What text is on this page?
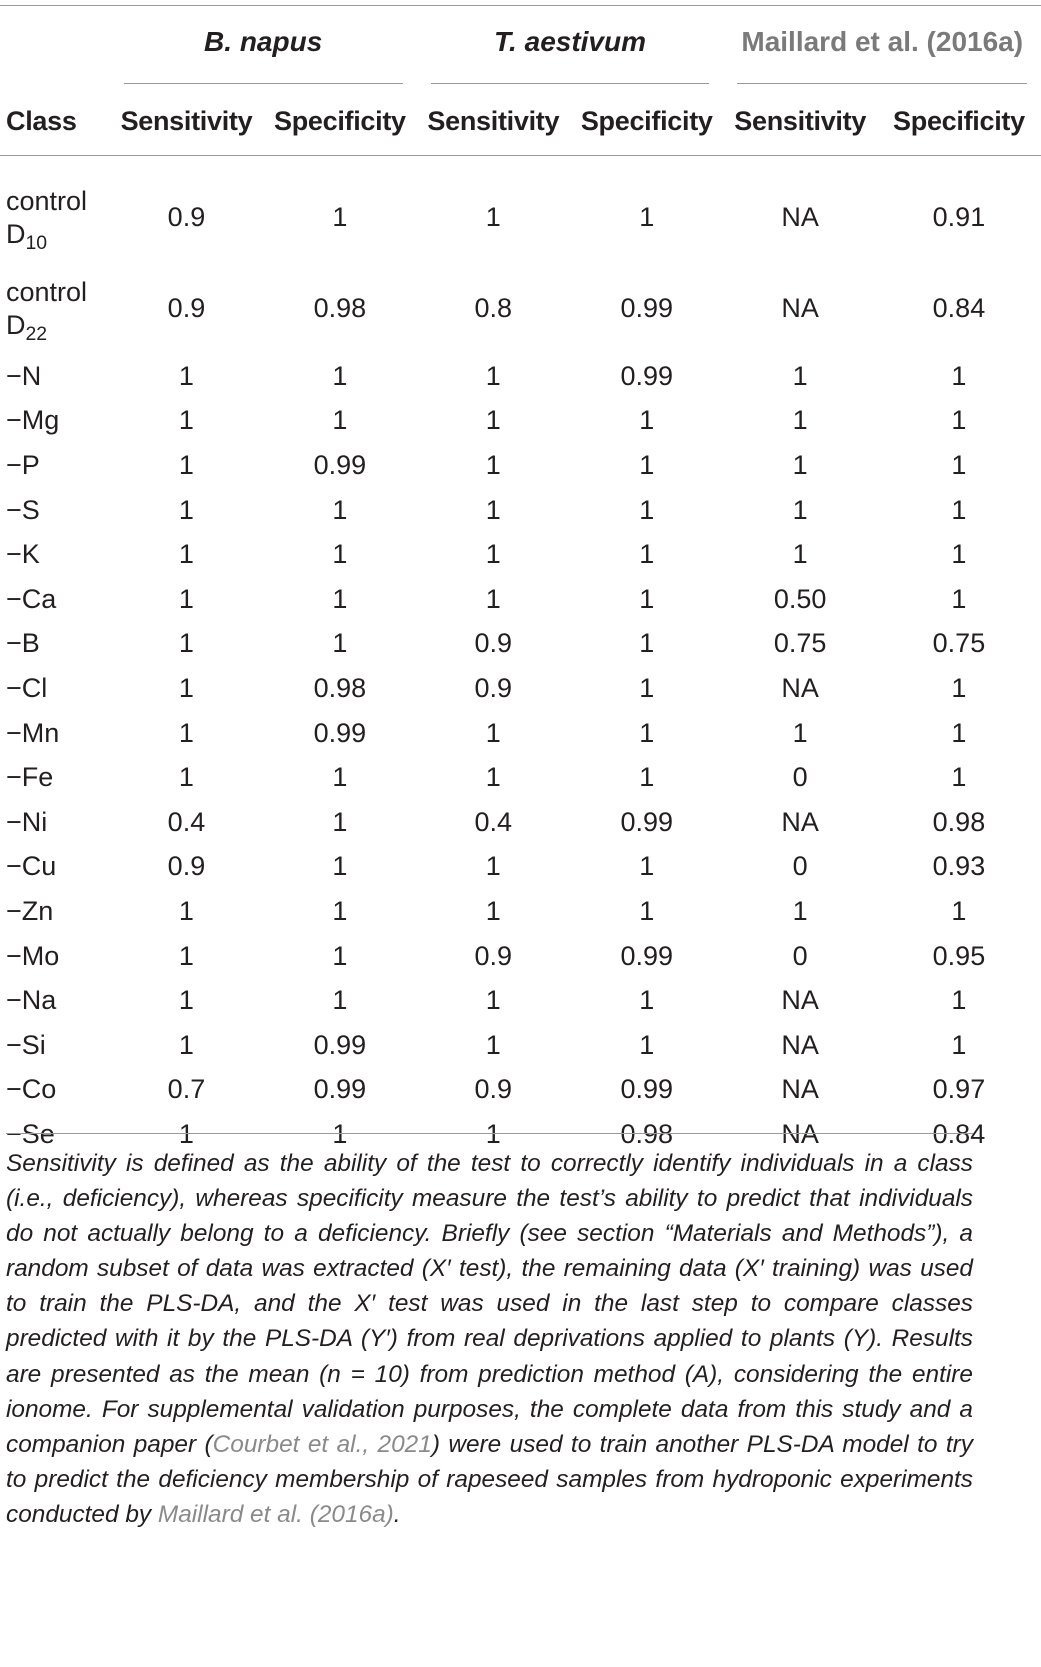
	B. napus		T. aestivum		Maillard et al. (2016a)	

Class	Sensitivity	Specificity	Sensitivity	Specificity	Sensitivity	Specificity

control $D_{10}$	0.9	1	1	1	NA	0.91
control $D_{22}$	0.9	0.98	0.8	0.99	NA	0.84
−N	1	1	1	0.99	1	1
−Mg	1	1	1	1	1	1
−P	1	0.99	1	1	1	1
−S	1	1	1	1	1	1
−K	1	1	1	1	1	1
−Ca	1	1	1	1	0.50	1
−B	1	1	0.9	1	0.75	0.75
−Cl	1	0.98	0.9	1	NA	1
−Mn	1	0.99	1	1	1	1
−Fe	1	1	1	1	0	1
−Ni	0.4	1	0.4	0.99	NA	0.98
−Cu	0.9	1	1	1	0	0.93
−Zn	1	1	1	1	1	1
−Mo	1	1	0.9	0.99	0	0.95
−Na	1	1	1	1	NA	1
−Si	1	0.99	1	1	NA	1
−Co	0.7	0.99	0.9	0.99	NA	0.97
−Se	1	1	1	0.98	NA	0.84
Sensitivity is defined as the ability of the test to correctly identify individuals in a class (i.e., deficiency), whereas specificity measure the test’s ability to predict that individuals do not actually belong to a deficiency. Briefly (see section “Materials and Methods”), a random subset of data was extracted (X′ test), the remaining data (X′ training) was used to train the PLS-DA, and the X′ test was used in the last step to compare classes predicted with it by the PLS-DA (Y′) from real deprivations applied to plants (Y). Results are presented as the mean (n = 10) from prediction method (A), considering the entire ionome. For supplemental validation purposes, the complete data from this study and a companion paper (Courbet et al., 2021) were used to train another PLS-DA model to try to predict the deficiency membership of rapeseed samples from hydroponic experiments conducted by Maillard et al. (2016a).
